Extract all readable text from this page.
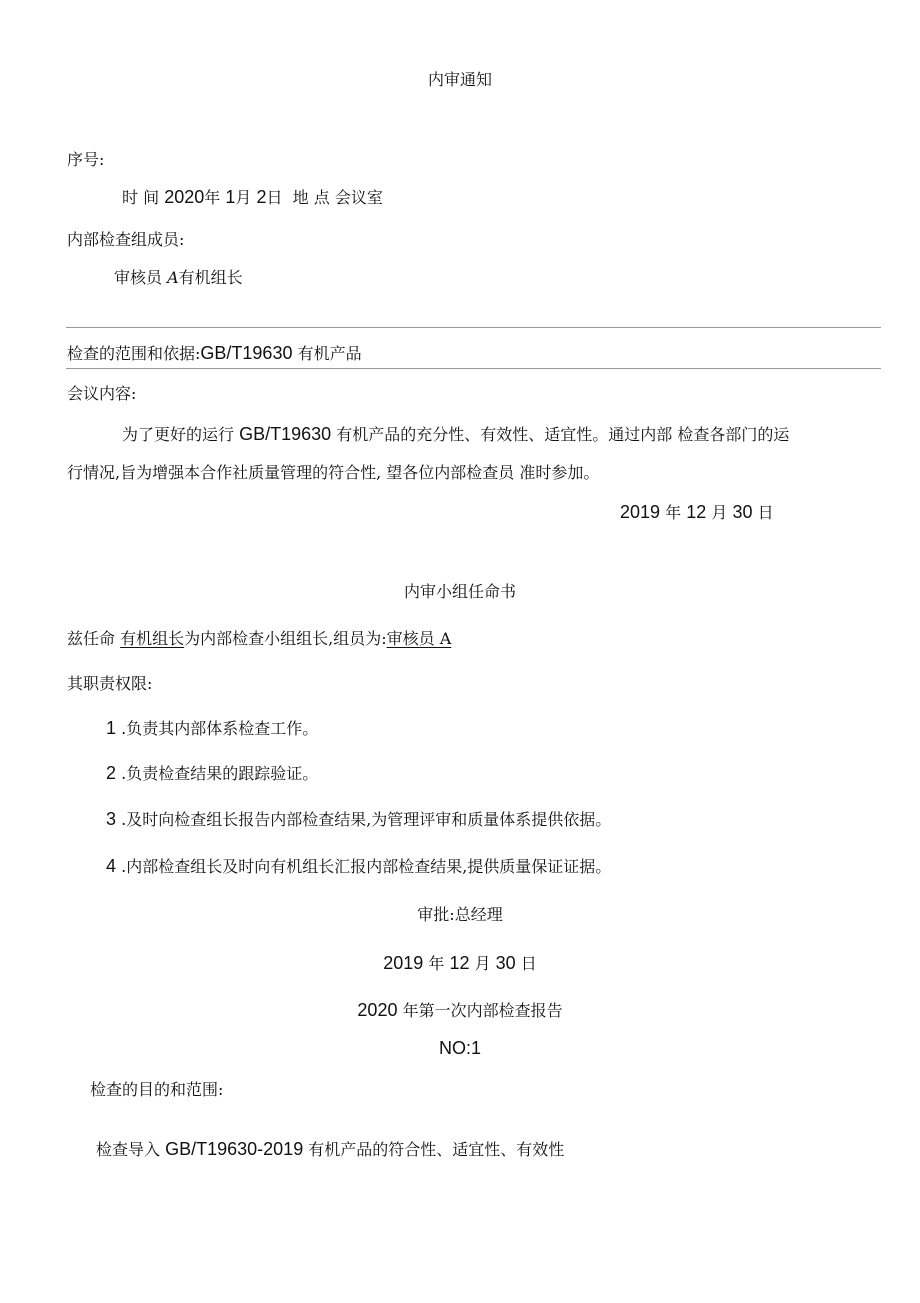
内审通知
序号:
时 间 2020年 1月 2日 地 点 会议室
内部检查组成员:
审核员 A有机组长
检查的范围和依据:GB/T19630 有机产品
会议内容:
为了更好的运行 GB/T19630 有机产品的充分性、有效性、适宜性。通过内部 检查各部门的运
行情况,旨为增强本合作社质量管理的符合性, 望各位内部检查员 准时参加。
2019 年 12 月 30 日
内审小组任命书
兹任命 有机组长为内部检查小组组长,组员为:审核员 A
其职责权限:
1 .负责其内部体系检查工作。
2 .负责检查结果的跟踪验证。
3 .及时向检查组长报告内部检查结果,为管理评审和质量体系提供依据。
4 .内部检查组长及时向有机组长汇报内部检查结果,提供质量保证证据。
审批:总经理
2019 年 12 月 30 日
2020 年第一次内部检查报告
NO:1
检查的目的和范围:
检查导入 GB/T19630-2019 有机产品的符合性、适宜性、有效性
